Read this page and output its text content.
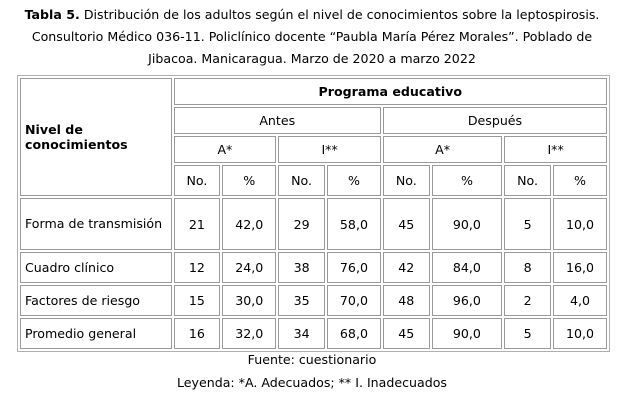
Tabla 5. Distribución de los adultos según el nivel de conocimientos sobre la leptospirosis. Consultorio Médico 036-11. Policlínico docente “Paubla María Pérez Morales”. Poblado de Jibacoa. Manicaragua. Marzo de 2020 a marzo 2022
Nivel de conocimientos	Programa educativo							
	Antes				Después			
	A*		I**		A*		I**	
	No.	%	No.	%	No.	%	No.	%
Forma de transmisión	21	42,0	29	58,0	45	90,0	5	10,0
Cuadro clínico	12	24,0	38	76,0	42	84,0	8	16,0
Factores de riesgo	15	30,0	35	70,0	48	96,0	2	4,0
Promedio general	16	32,0	34	68,0	45	90,0	5	10,0
Fuente: cuestionario
Leyenda: *A. Adecuados; ** I. Inadecuados
